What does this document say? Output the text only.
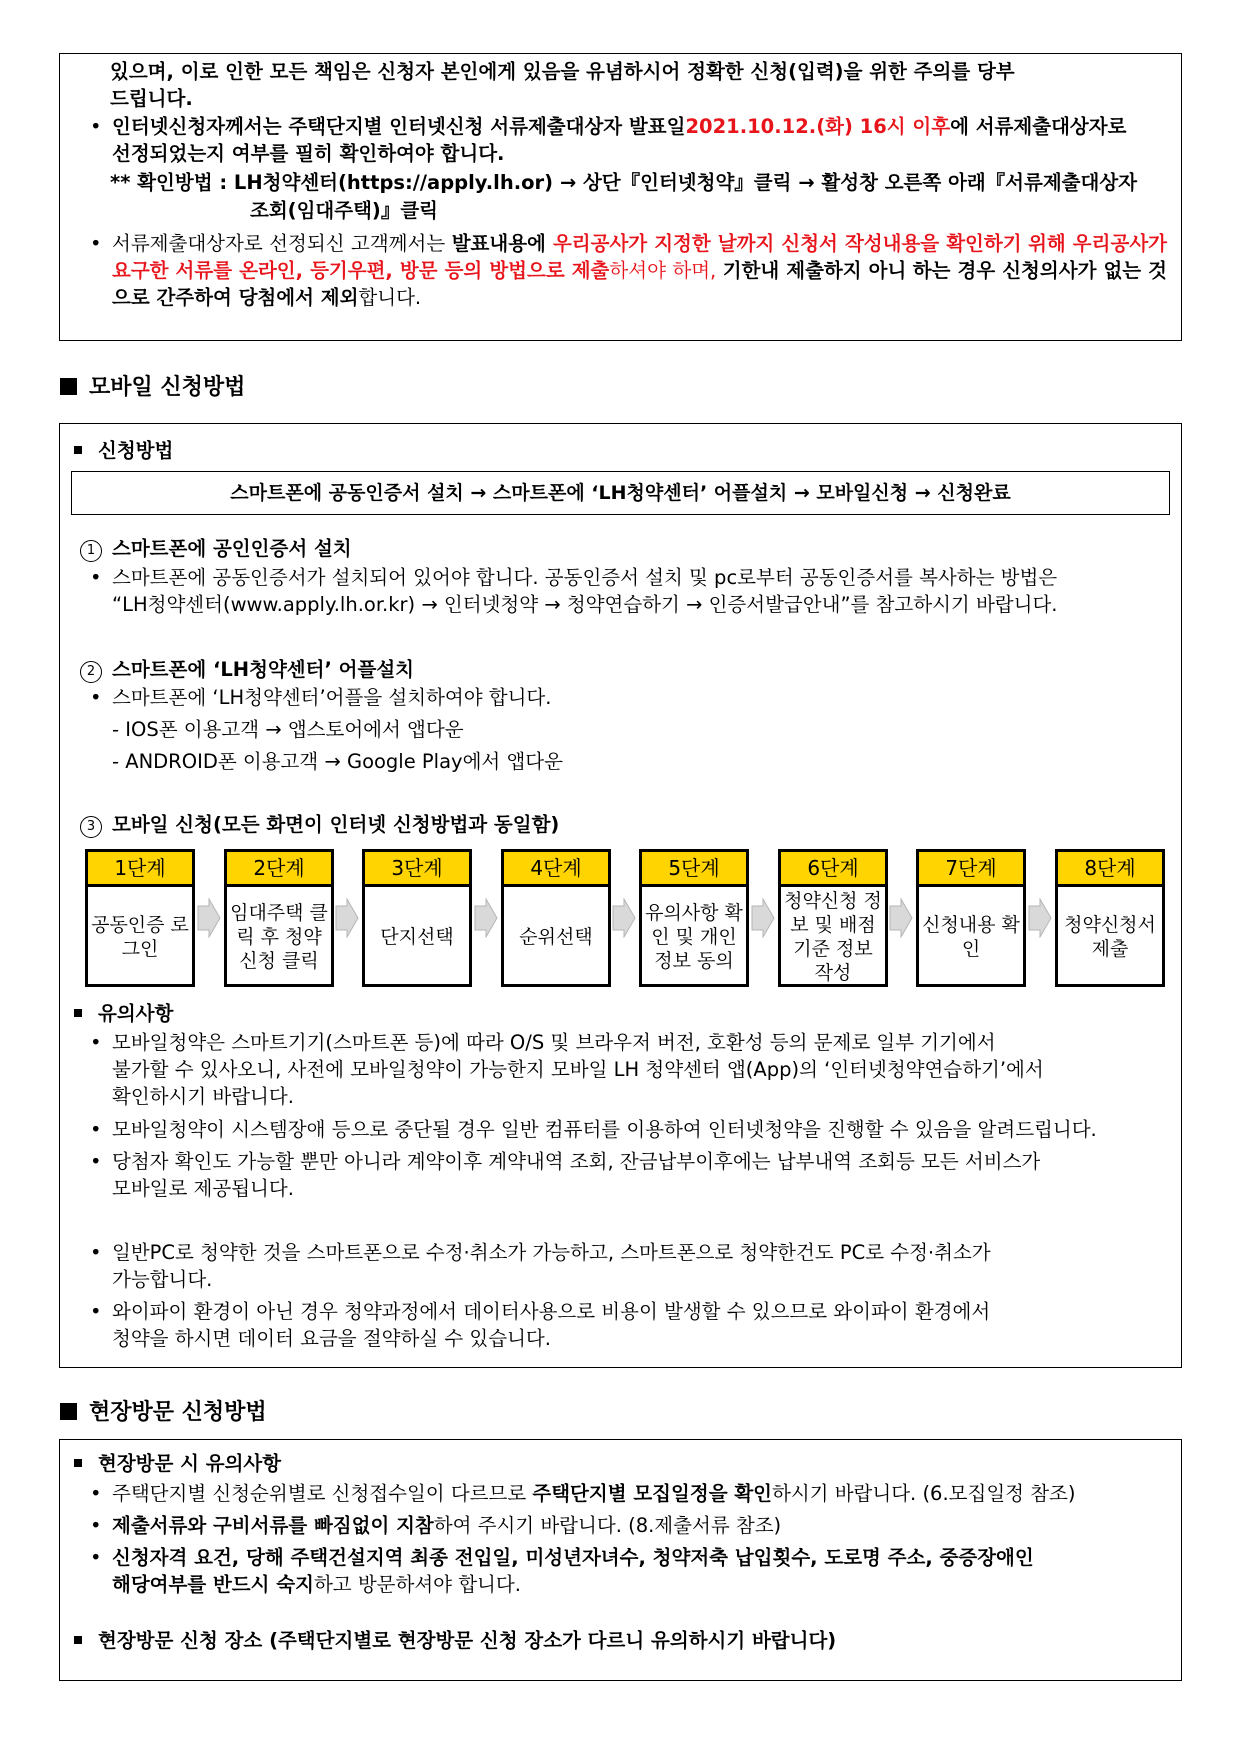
있으며, 이로 인한 모든 책임은 신청자 본인에게 있음을 유념하시어 정확한 신청(입력)을 위한 주의를 당부
드립니다.
• 인터넷신청자께서는 주택단지별 인터넷신청 서류제출대상자 발표일2021.10.12.(화) 16시 이후에 서류제출대상자로
선정되었는지 여부를 필히 확인하여야 합니다.
** 확인방법 : LH청약센터(https://apply.lh.or) → 상단『인터넷청약』클릭 → 활성창 오른쪽 아래『서류제출대상자
조회(임대주택)』클릭
• 서류제출대상자로 선정되신 고객께서는 발표내용에 우리공사가 지정한 날까지 신청서 작성내용을 확인하기 위해 우리공사가 요구한 서류를 온라인, 등기우편, 방문 등의 방법으로 제출하셔야 하며, 기한내 제출하지 아니 하는 경우 신청의사가 없는 것으로 간주하여 당첨에서 제외합니다.
모바일 신청방법
신청방법
스마트폰에 공동인증서 설치 → 스마트폰에 ‘LH청약센터’ 어플설치 → 모바일신청 → 신청완료
1 스마트폰에 공인인증서 설치
• 스마트폰에 공동인증서가 설치되어 있어야 합니다. 공동인증서 설치 및 pc로부터 공동인증서를 복사하는 방법은
“LH청약센터(www.apply.lh.or.kr) → 인터넷청약 → 청약연습하기 → 인증서발급안내”를 참고하시기 바랍니다.
2 스마트폰에 ‘LH청약센터’ 어플설치
• 스마트폰에 ‘LH청약센터’어플을 설치하여야 합니다.
- IOS폰 이용고객 → 앱스토어에서 앱다운
- ANDROID폰 이용고객 → Google Play에서 앱다운
3 모바일 신청(모든 화면이 인터넷 신청방법과 동일함)
1단계
공동인증 로그인
2단계
임대주택 클릭 후 청약신청 클릭
3단계
단지선택
4단계
순위선택
5단계
유의사항 확인 및 개인정보 동의
6단계
청약신청 정보 및 배점기준 정보 작성
7단계
신청내용 확인
8단계
청약신청서 제출
유의사항
• 모바일청약은 스마트기기(스마트폰 등)에 따라 O/S 및 브라우저 버전, 호환성 등의 문제로 일부 기기에서
불가할 수 있사오니, 사전에 모바일청약이 가능한지 모바일 LH 청약센터 앱(App)의 ‘인터넷청약연습하기’에서
확인하시기 바랍니다.
• 모바일청약이 시스템장애 등으로 중단될 경우 일반 컴퓨터를 이용하여 인터넷청약을 진행할 수 있음을 알려드립니다.
• 당첨자 확인도 가능할 뿐만 아니라 계약이후 계약내역 조회, 잔금납부이후에는 납부내역 조회등 모든 서비스가
모바일로 제공됩니다.
• 일반PC로 청약한 것을 스마트폰으로 수정·취소가 가능하고, 스마트폰으로 청약한건도 PC로 수정·취소가
가능합니다.
• 와이파이 환경이 아닌 경우 청약과정에서 데이터사용으로 비용이 발생할 수 있으므로 와이파이 환경에서
청약을 하시면 데이터 요금을 절약하실 수 있습니다.
현장방문 신청방법
현장방문 시 유의사항
• 주택단지별 신청순위별로 신청접수일이 다르므로 주택단지별 모집일정을 확인하시기 바랍니다. (6.모집일정 참조)
• 제출서류와 구비서류를 빠짐없이 지참하여 주시기 바랍니다. (8.제출서류 참조)
• 신청자격 요건, 당해 주택건설지역 최종 전입일, 미성년자녀수, 청약저축 납입횟수, 도로명 주소, 중증장애인
해당여부를 반드시 숙지하고 방문하셔야 합니다.
현장방문 신청 장소 (주택단지별로 현장방문 신청 장소가 다르니 유의하시기 바랍니다)
